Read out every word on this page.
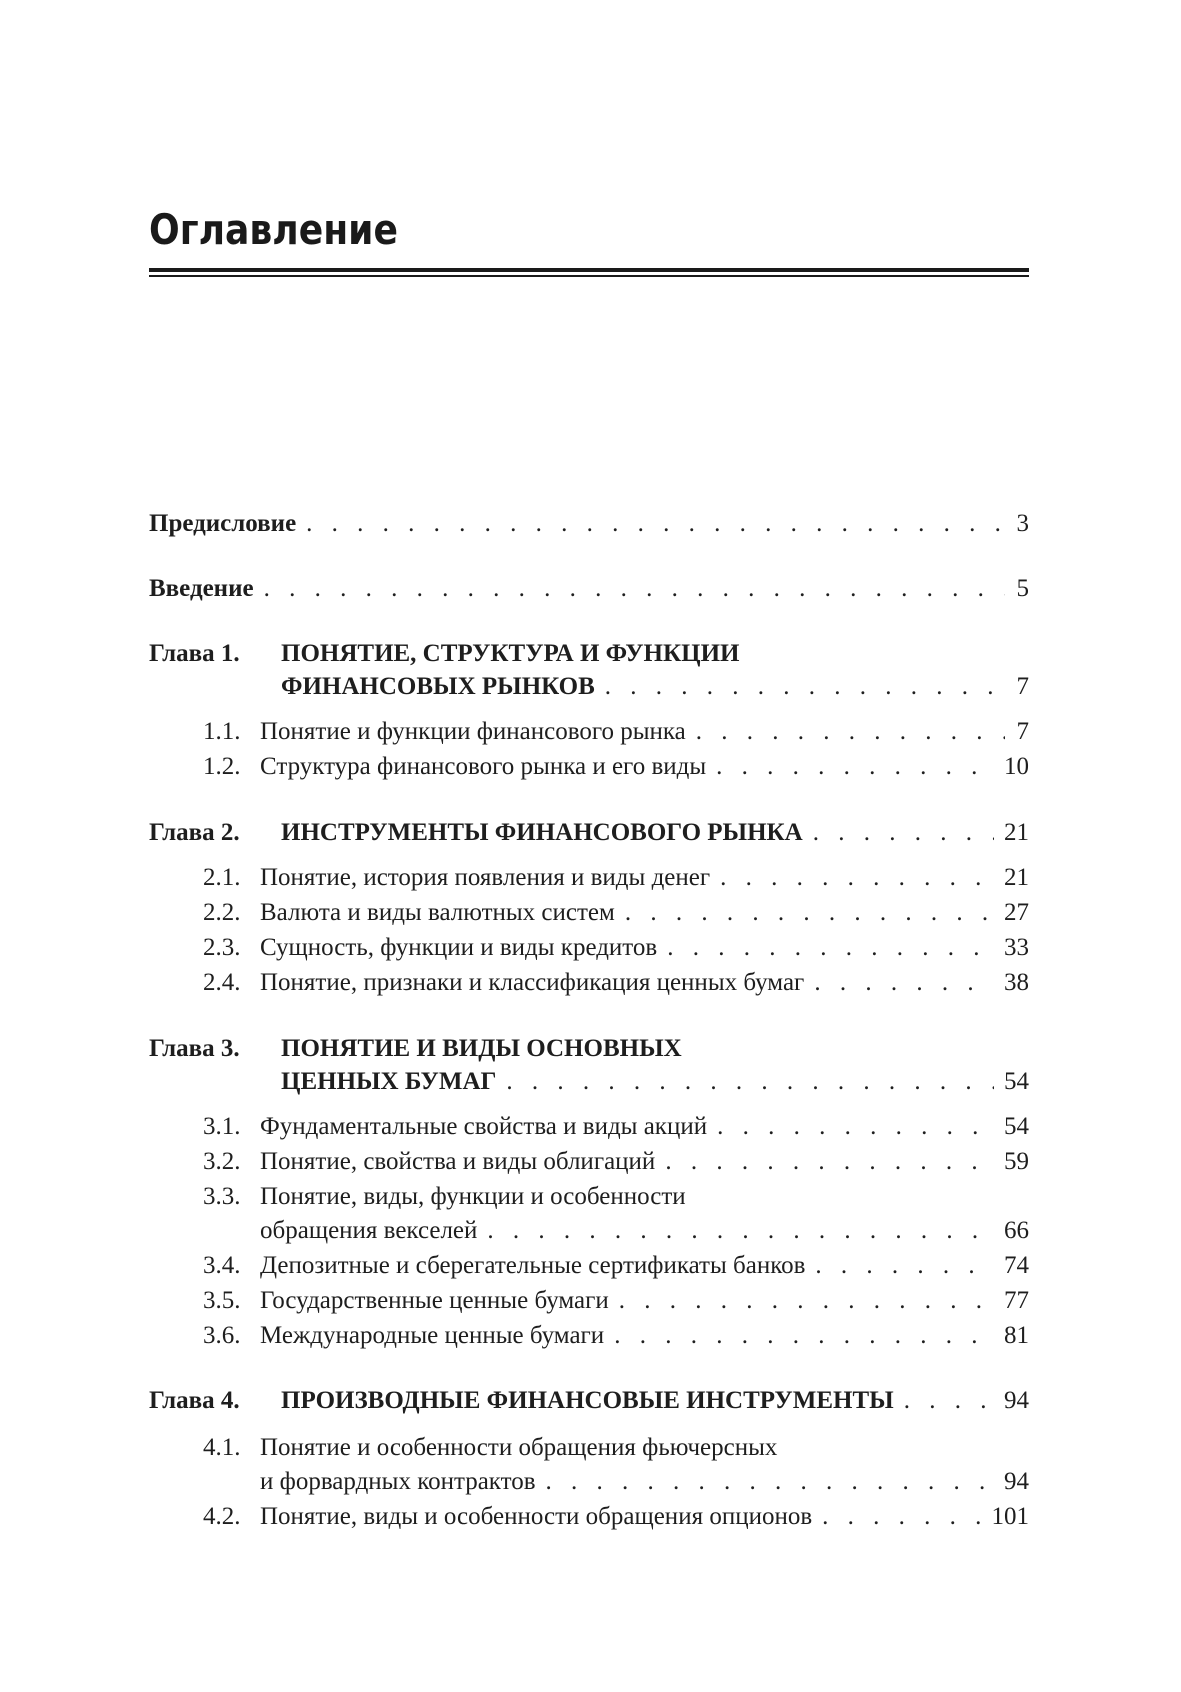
Оглавление
Предисловие . . .	3
Введение . . .	5
Глава 1. ПОНЯТИЕ, СТРУКТУРА И ФУНКЦИИ
ФИНАНСОВЫХ РЫНКОВ . . .	7
1.1. Понятие и функции финансового рынка . . .	7
1.2. Структура финансового рынка и его виды . . .	10
Глава 2. ИНСТРУМЕНТЫ ФИНАНСОВОГО РЫНКА . . .	21
2.1. Понятие, история появления и виды денег . . .	21
2.2. Валюта и виды валютных систем . . .	27
2.3. Сущность, функции и виды кредитов . . .	33
2.4. Понятие, признаки и классификация ценных бумаг . . .	38
Глава 3. ПОНЯТИЕ И ВИДЫ ОСНОВНЫХ
ЦЕННЫХ БУМАГ . . .	54
3.1. Фундаментальные свойства и виды акций . . .	54
3.2. Понятие, свойства и виды облигаций . . .	59
3.3. Понятие, виды, функции и особенности
обращения векселей . . .	66
3.4. Депозитные и сберегательные сертификаты банков . . .	74
3.5. Государственные ценные бумаги . . .	77
3.6. Международные ценные бумаги . . .	81
Глава 4. ПРОИЗВОДНЫЕ ФИНАНСОВЫЕ ИНСТРУМЕНТЫ . . .	94
4.1. Понятие и особенности обращения фьючерсных
и форвардных контрактов . . .	94
4.2. Понятие, виды и особенности обращения опционов . . .	101
